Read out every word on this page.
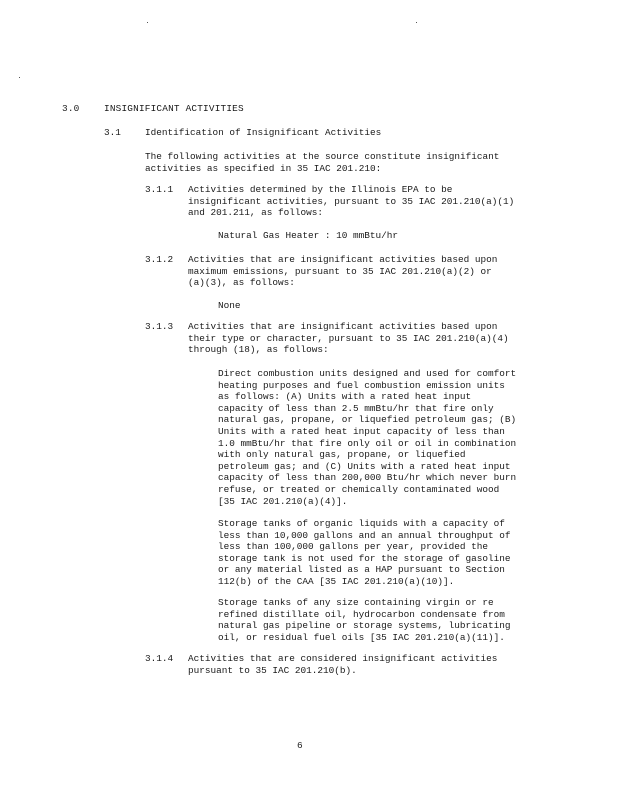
3.0	INSIGNIFICANT ACTIVITIES
3.1	Identification of Insignificant Activities

The following activities at the source constitute insignificant

activities as specified in 35 IAC 201.210:

3.1.1 Activities determined by the Illinois EPA to be

insignificant activities, pursuant to 35 IAC 201.210(a)(1)

and 201.211, as follows:

Natural Gas Heater : 10 mmBtu/hr
3.1.2 Activities that are insignificant activities based upon

maximum emissions, pursuant to 35 IAC 201.210(a)(2) or

(a)(3), as follows:

None
3.1.3 Activities that are insignificant activities based upon

their type or character, pursuant to 35 IAC 201.210(a)(4)

through (18), as follows:

Direct combustion units designed and used for comfort

heating purposes and fuel combustion emission units

as follows: (A) Units with a rated heat input

capacity of less than 2.5 mmBtu/hr that fire only

natural gas, propane, or liquefied petroleum gas; (B)

Units with a rated heat input capacity of less than

1.0 mmBtu/hr that fire only oil or oil in combination

with only natural gas, propane, or liquefied

petroleum gas; and (C) Units with a rated heat input

capacity of less than 200,000 Btu/hr which never burn

refuse, or treated or chemically contaminated wood

[35 IAC 201.210(a)(4)].

Storage tanks of organic liquids with a capacity of

less than 10,000 gallons and an annual throughput of

less than 100,000 gallons per year, provided the

storage tank is not used for the storage of gasoline

or any material listed as a HAP pursuant to Section

112(b) of the CAA [35 IAC 201.210(a)(10)].

Storage tanks of any size containing virgin or re

refined distillate oil, hydrocarbon condensate from

natural gas pipeline or storage systems, lubricating

oil, or residual fuel oils [35 IAC 201.210(a)(11)].

3.1.4 Activities that are considered insignificant activities

pursuant to 35 IAC 201.210(b).

6
